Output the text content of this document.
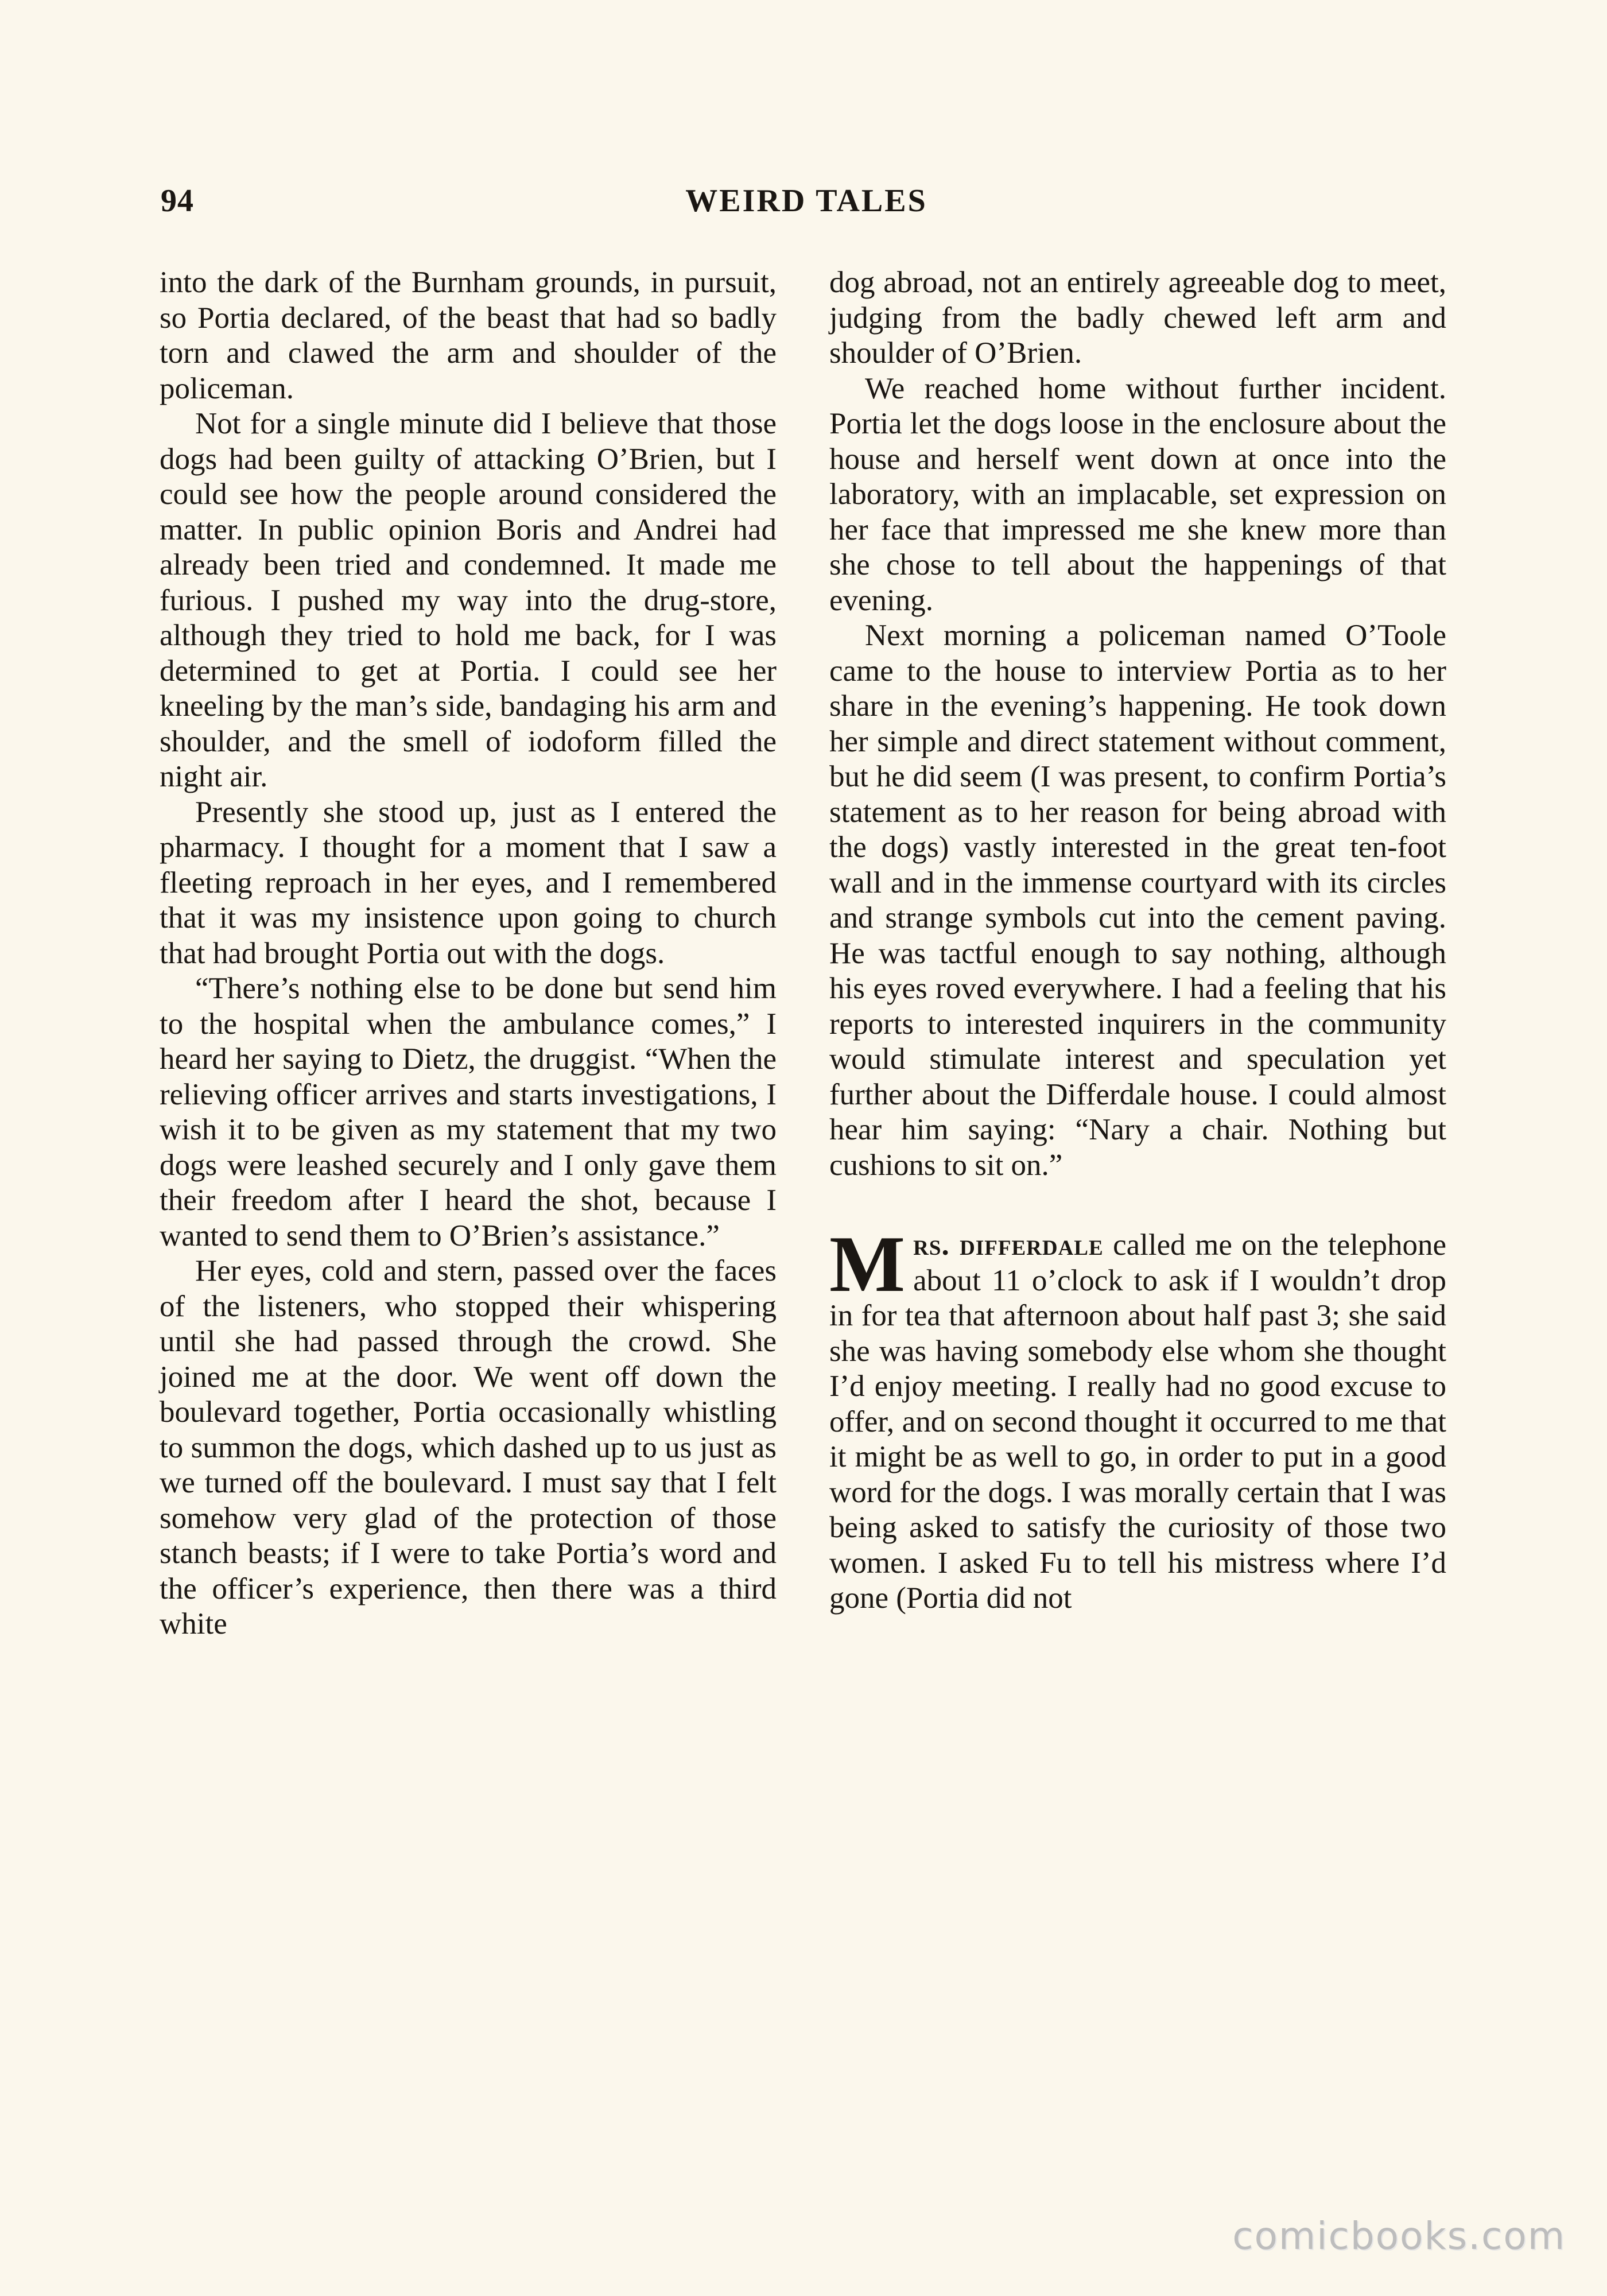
94	WEIRD TALES

into the dark of the Burnham grounds, in pursuit, so Portia declared, of the beast that had so badly torn and clawed the arm and shoulder of the policeman.

Not for a single minute did I believe that those dogs had been guilty of attacking O’Brien, but I could see how the people around considered the matter. In public opinion Boris and Andrei had already been tried and condemned. It made me furious. I pushed my way into the drug-store, although they tried to hold me back, for I was determined to get at Portia. I could see her kneeling by the man’s side, bandaging his arm and shoulder, and the smell of iodoform filled the night air.

Presently she stood up, just as I entered the pharmacy. I thought for a moment that I saw a fleeting reproach in her eyes, and I remembered that it was my insistence upon going to church that had brought Portia out with the dogs.

“There’s nothing else to be done but send him to the hospital when the ambulance comes,” I heard her saying to Dietz, the druggist. “When the relieving officer arrives and starts investigations, I wish it to be given as my statement that my two dogs were leashed securely and I only gave them their freedom after I heard the shot, because I wanted to send them to O’Brien’s assistance.”

Her eyes, cold and stern, passed over the faces of the listeners, who stopped their whispering until she had passed through the crowd. She joined me at the door. We went off down the boulevard together, Portia occasionally whistling to summon the dogs, which dashed up to us just as we turned off the boulevard. I must say that I felt somehow very glad of the protection of those stanch beasts; if I were to take Portia’s word and the officer’s experience, then there was a third white

dog abroad, not an entirely agreeable dog to meet, judging from the badly chewed left arm and shoulder of O’Brien.

We reached home without further incident. Portia let the dogs loose in the enclosure about the house and herself went down at once into the laboratory, with an implacable, set expression on her face that impressed me she knew more than she chose to tell about the happenings of that evening.

Next morning a policeman named O’Toole came to the house to interview Portia as to her share in the evening’s happening. He took down her simple and direct statement without comment, but he did seem (I was present, to confirm Portia’s statement as to her reason for being abroad with the dogs) vastly interested in the great ten-foot wall and in the immense courtyard with its circles and strange symbols cut into the cement paving. He was tactful enough to say nothing, although his eyes roved everywhere. I had a feeling that his reports to interested inquirers in the community would stimulate interest and speculation yet further about the Differdale house. I could almost hear him saying: “Nary a chair. Nothing but cushions to sit on.”

Mrs. differdale called me on the telephone about 11 o’clock to ask if I wouldn’t drop in for tea that afternoon about half past 3; she said she was having somebody else whom she thought I’d enjoy meeting. I really had no good excuse to offer, and on second thought it occurred to me that it might be as well to go, in order to put in a good word for the dogs. I was morally certain that I was being asked to satisfy the curiosity of those two women. I asked Fu to tell his mistress where I’d gone (Portia did not

comicbooks.com
